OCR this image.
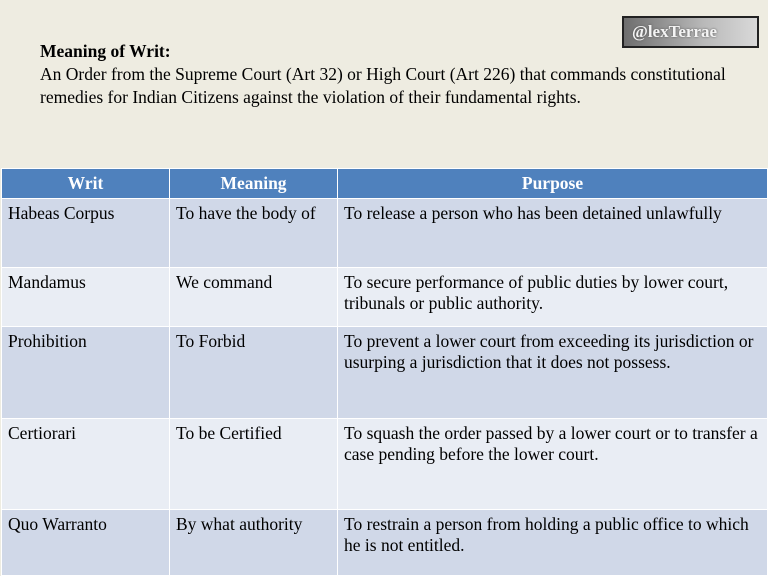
@lexTerrae
Meaning of Writ:
An Order from the Supreme Court (Art 32) or High Court (Art 226) that commands constitutional remedies for Indian Citizens against the violation of their fundamental rights.
Writ	Meaning	Purpose
Habeas Corpus	To have the body of	To release a person who has been detained unlawfully
Mandamus	We command	To secure performance of public duties by lower court, tribunals or public authority.
Prohibition	To Forbid	To prevent a lower court from exceeding its jurisdiction or usurping a jurisdiction that it does not possess.
Certiorari	To be Certified	To squash the order passed by a lower court or to transfer a case pending before the lower court.
Quo Warranto	By what authority	To restrain a person from holding a public office to which he is not entitled.
